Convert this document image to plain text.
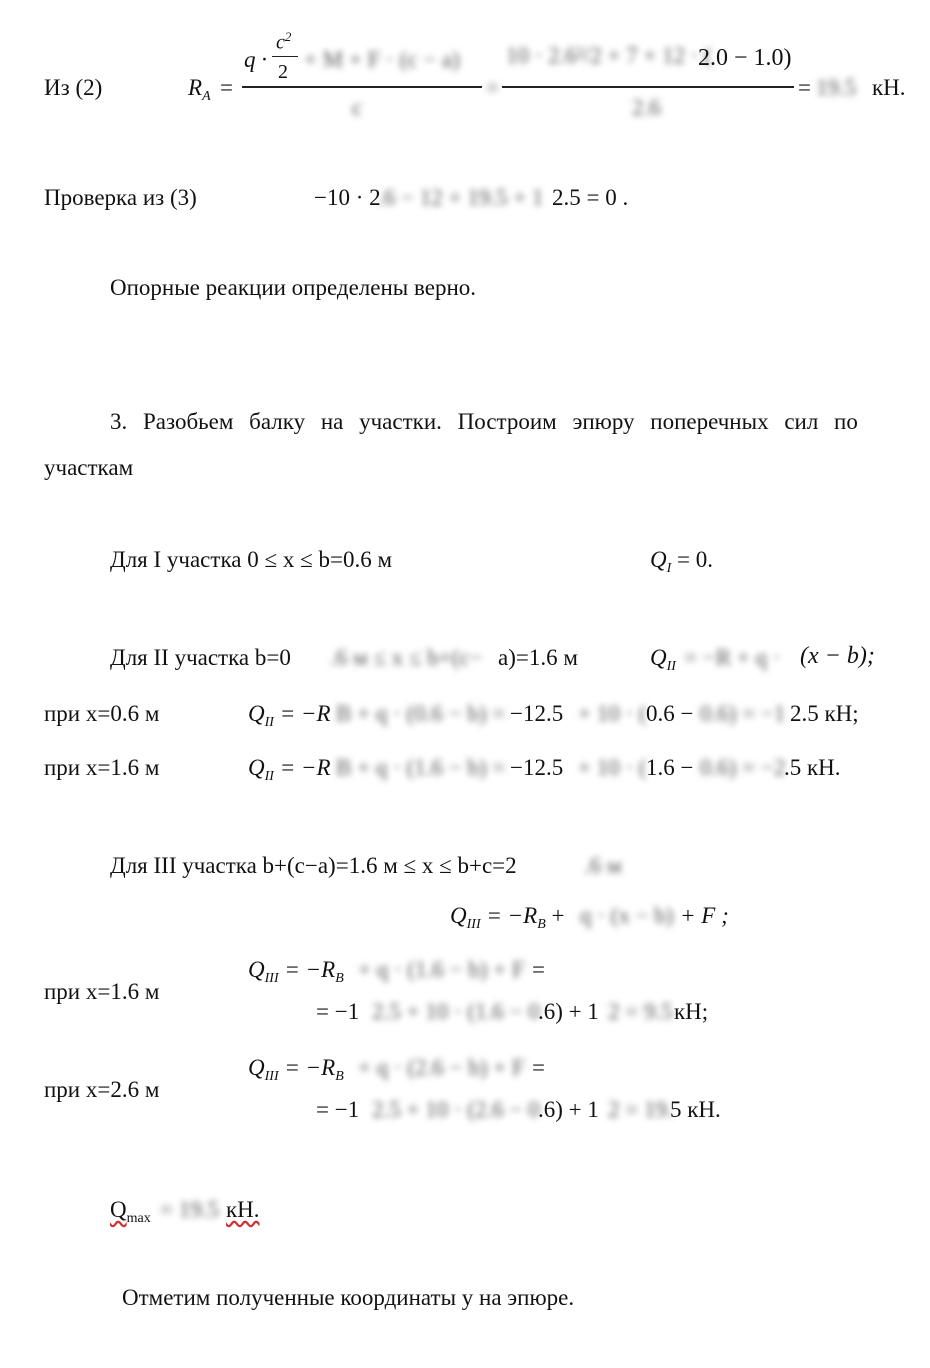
Из (2)	$R_A$ =
q ·
$c^2$
2 + M + F · (c − a)
c
=
10 · 2.6²/2 + 7 + 12 · (
2.0 − 1.0)
2.6
= 19.5 кН.
Проверка из (3)	−10 · 2
.6 − 12 + 19.5 + 1 2.5 = 0 .
Опорные реакции определены верно.
3. Разобьем балку на участки. Построим эпюру поперечных сил по
участкам
Для I участка 0 ≤ x ≤ b=0.6 м	$Q_I = 0$.
Для II участка b=0 .6 м ≤ x ≤ b+(c− a)=1.6 м	$Q_{II} = -R + q \cdot (x - b)$;
при x=0.6 м	$Q_{II} = -R$ B + q · (0.6 − b) = −12.5 + 10 · ( 0.6 − 0.6) = −1 2.5 кН;
при x=1.6 м	$Q_{II} = -R$ B + q · (1.6 − b) = −12.5 + 10 · ( 1.6 − 0.6) = −2
.5 кН.
Для III участка b+(c−a)=1.6 м ≤ x ≤ b+c=2	.6 м
$Q_{III} = -R_B + q \cdot (x - b) + F$ ;
$Q_{III} = -R_B + q \cdot (1.6 - b) + F$ =
при x=1.6 м
= −1 2.5 + 10 · (1.6 − 0
.6) + 1 2 = 9.5 кН;
$Q_{III} = -R_B + q \cdot (2.6 - b) + F$ =
при x=2.6 м
= −1 2.5 + 10 · (2.6 − 0
.6) + 1 2 = 19.
5 кН.
$Q_{max} = 19.5$ кН.
Отметим полученные координаты y на эпюре.
